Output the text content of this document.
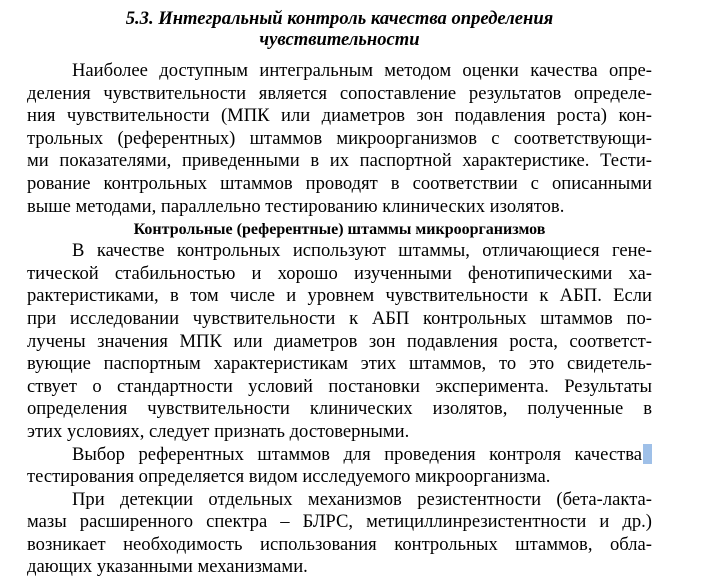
5.3. Интегральный контроль качества определения
чувствительности
Наиболее доступным интегральным методом оценки качества опре-
деления чувствительности является сопоставление результатов определе-
ния чувствительности (МПК или диаметров зон подавления роста) кон-
трольных (референтных) штаммов микроорганизмов с соответствующи-
ми показателями, приведенными в их паспортной характеристике. Тести-
рование контрольных штаммов проводят в соответствии с описанными
выше методами, параллельно тестированию клинических изолятов.
Контрольные (референтные) штаммы микроорганизмов
В качестве контрольных используют штаммы, отличающиеся гене-
тической стабильностью и хорошо изученными фенотипическими ха-
рактеристиками, в том числе и уровнем чувствительности к АБП. Если
при исследовании чувствительности к АБП контрольных штаммов по-
лучены значения МПК или диаметров зон подавления роста, соответст-
вующие паспортным характеристикам этих штаммов, то это свидетель-
ствует о стандартности условий постановки эксперимента. Результаты
определения чувствительности клинических изолятов, полученные в
этих условиях, следует признать достоверными.
Выбор референтных штаммов для проведения контроля качества
тестирования определяется видом исследуемого микроорганизма.
При детекции отдельных механизмов резистентности (бета-лакта-
мазы расширенного спектра – БЛРС, метициллинрезистентности и др.)
возникает необходимость использования контрольных штаммов, обла-
дающих указанными механизмами.
